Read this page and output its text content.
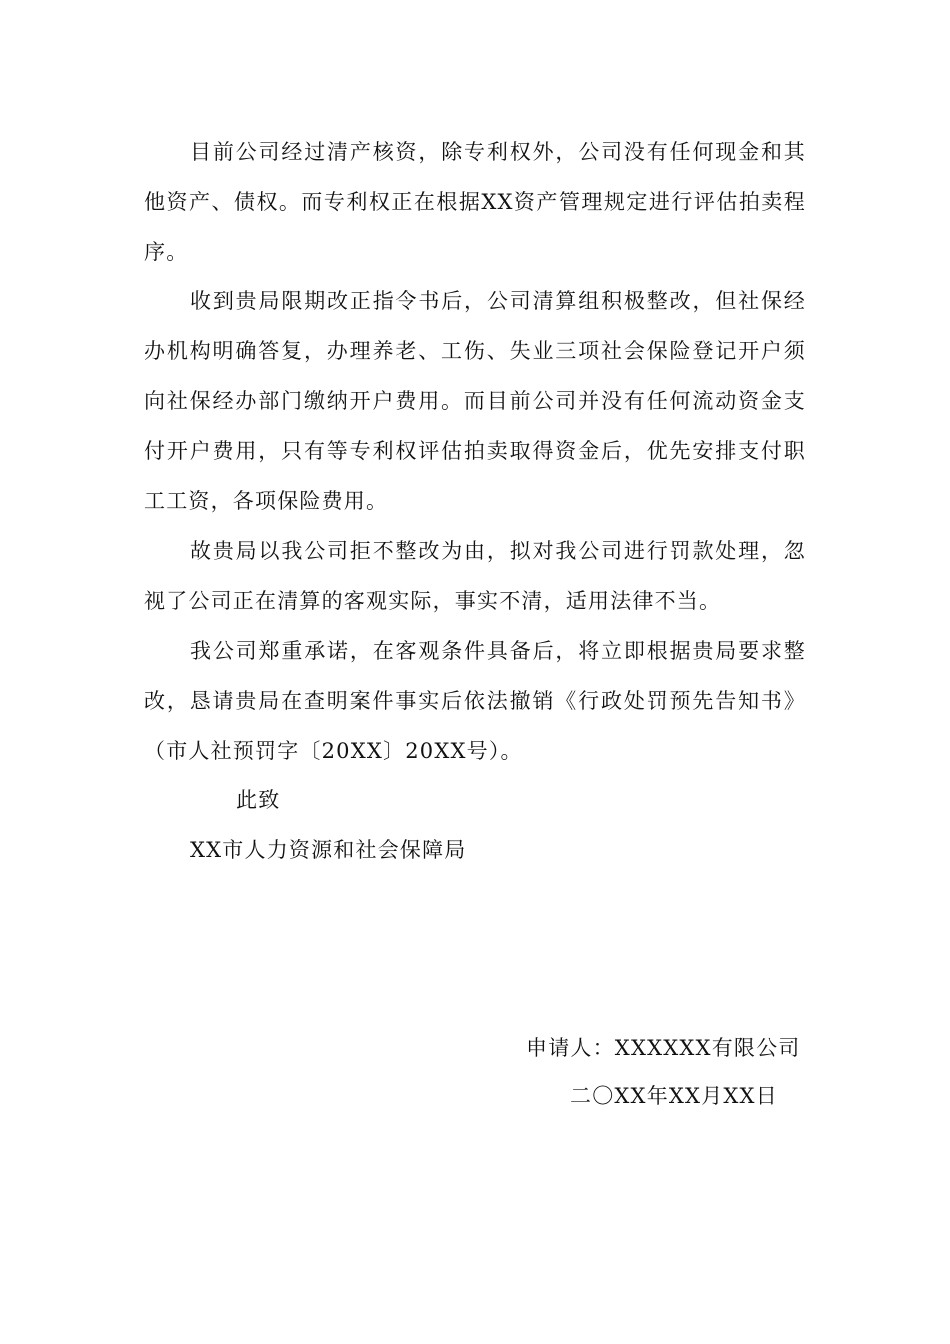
目前公司经过清产核资，除专利权外，公司没有任何现金和其他资产、债权。而专利权正在根据XX资产管理规定进行评估拍卖程序。

收到贵局限期改正指令书后，公司清算组积极整改，但社保经办机构明确答复，办理养老、工伤、失业三项社会保险登记开户须向社保经办部门缴纳开户费用。而目前公司并没有任何流动资金支付开户费用，只有等专利权评估拍卖取得资金后，优先安排支付职工工资，各项保险费用。

故贵局以我公司拒不整改为由，拟对我公司进行罚款处理，忽视了公司正在清算的客观实际，事实不清，适用法律不当。

我公司郑重承诺，在客观条件具备后，将立即根据贵局要求整改，恳请贵局在查明案件事实后依法撤销《行政处罚预先告知书》（市人社预罚字〔20XX〕20XX号）。

此致

XX市人力资源和社会保障局

申请人：XXXXXX有限公司

二〇XX年XX月XX日
